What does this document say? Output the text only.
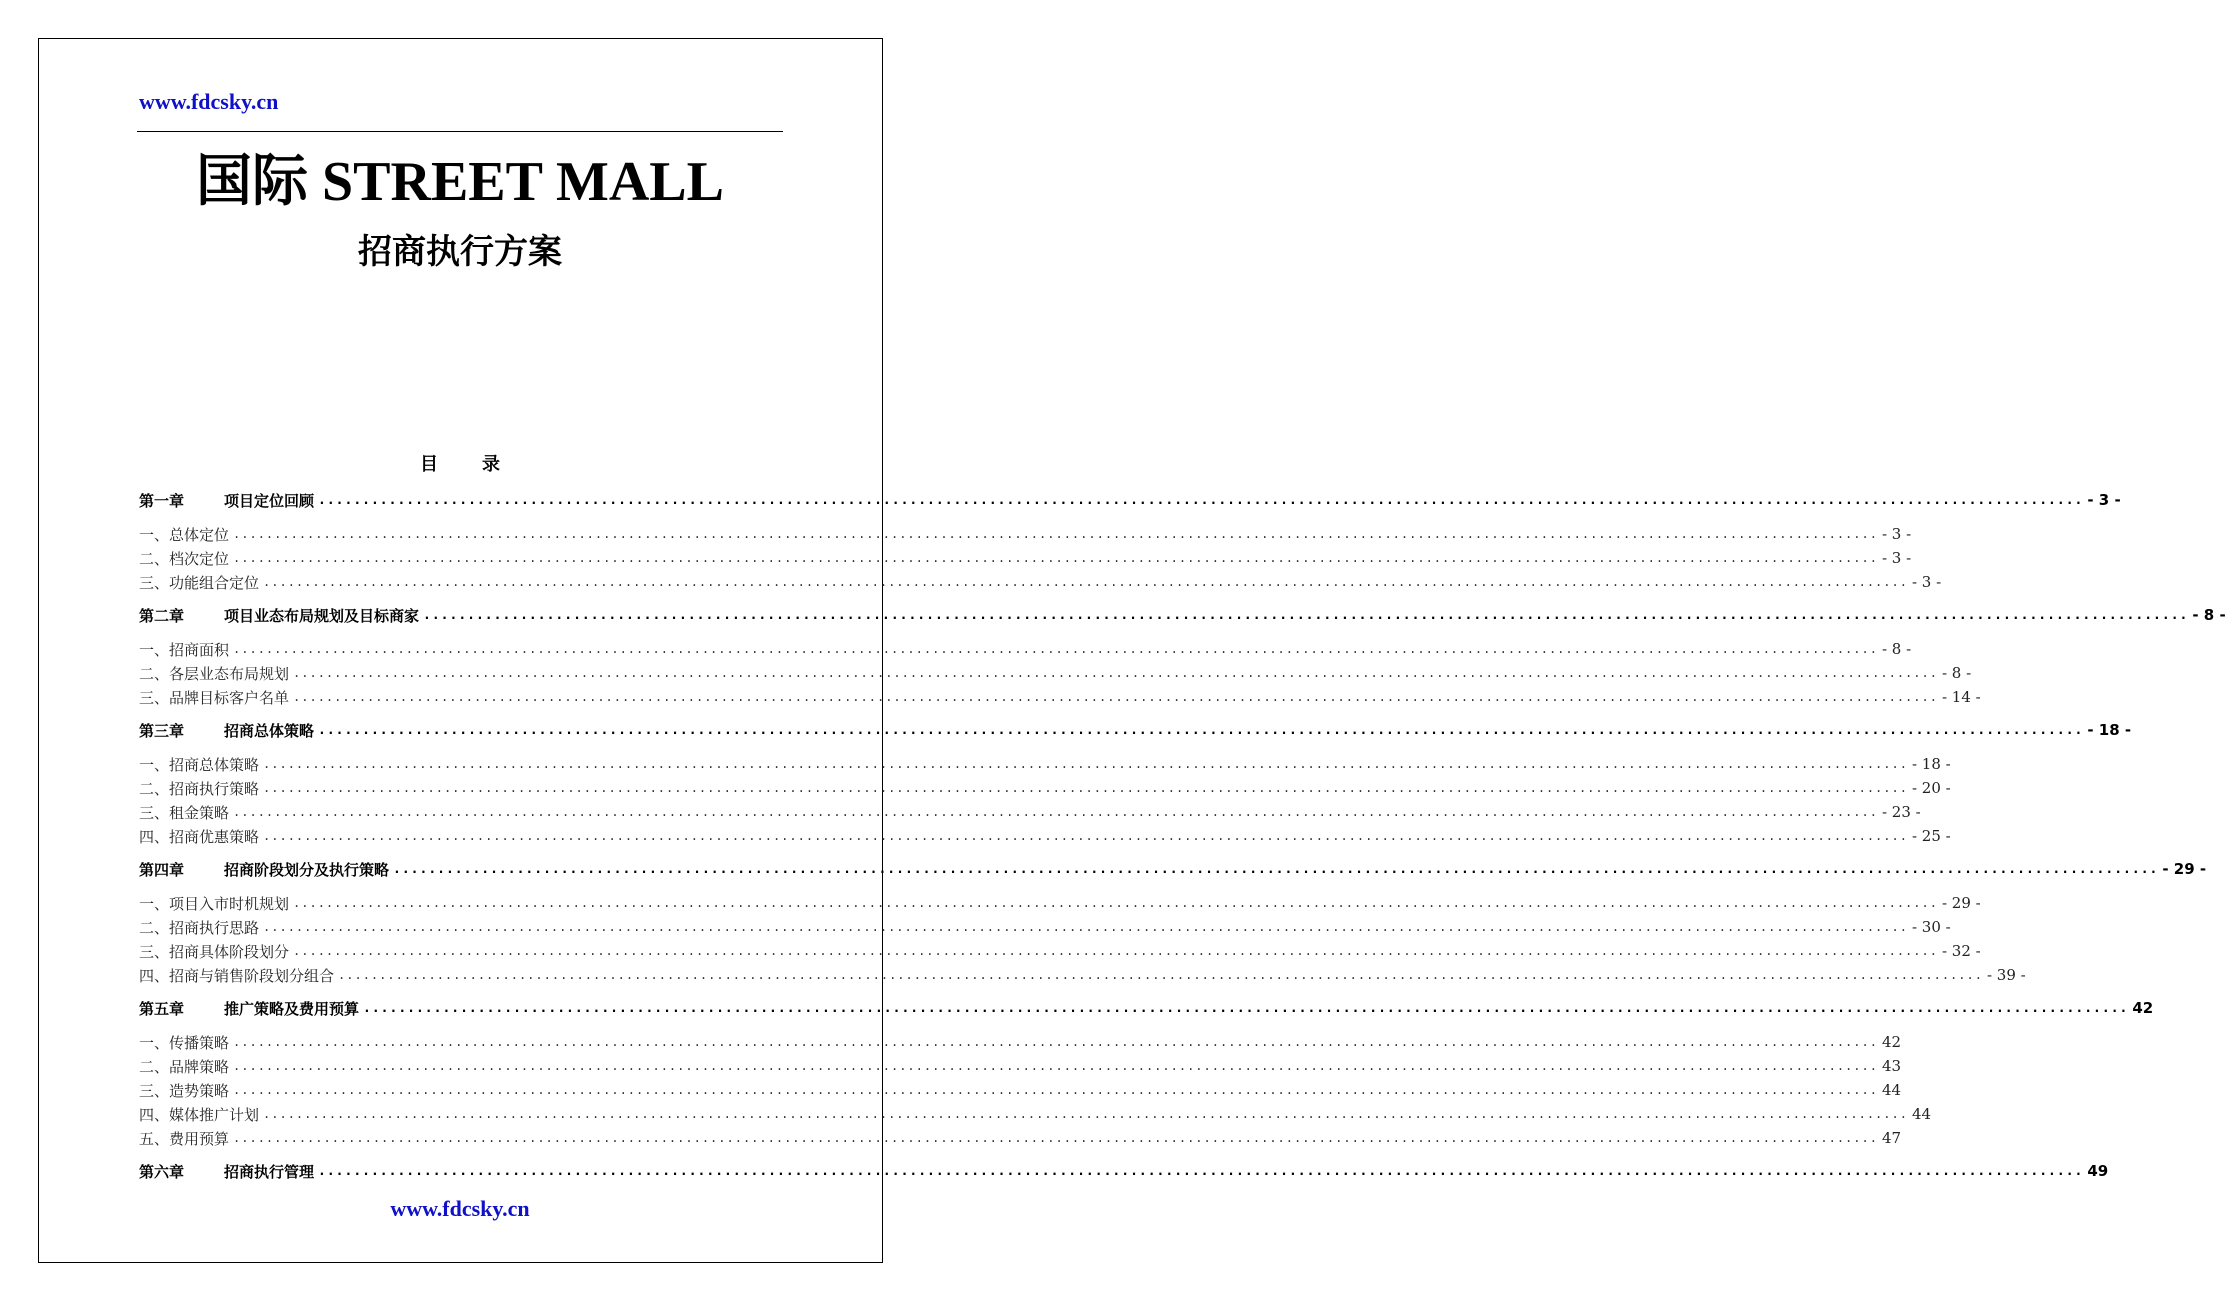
www.fdcsky.cn
国际 STREET MALL
招商执行方案
目 录
第一章	项目定位回顾 ........................................................................................................................................................................................................ - 3 -
一、总体定位 ........................................................................................................................................................................................................ - 3 -
二、档次定位 ........................................................................................................................................................................................................ - 3 -
三、功能组合定位 ........................................................................................................................................................................................................ - 3 -
第二章	项目业态布局规划及目标商家 ........................................................................................................................................................................................................ - 8 -
一、招商面积 ........................................................................................................................................................................................................ - 8 -
二、各层业态布局规划 ........................................................................................................................................................................................................ - 8 -
三、品牌目标客户名单 ........................................................................................................................................................................................................ - 14 -
第三章	招商总体策略 ........................................................................................................................................................................................................ - 18 -
一、招商总体策略 ........................................................................................................................................................................................................ - 18 -
二、招商执行策略 ........................................................................................................................................................................................................ - 20 -
三、租金策略 ........................................................................................................................................................................................................ - 23 -
四、招商优惠策略 ........................................................................................................................................................................................................ - 25 -
第四章	招商阶段划分及执行策略 ........................................................................................................................................................................................................ - 29 -
一、项目入市时机规划 ........................................................................................................................................................................................................ - 29 -
二、招商执行思路 ........................................................................................................................................................................................................ - 30 -
三、招商具体阶段划分 ........................................................................................................................................................................................................ - 32 -
四、招商与销售阶段划分组合 ........................................................................................................................................................................................................ - 39 -
第五章	推广策略及费用预算 ........................................................................................................................................................................................................ 42
一、传播策略 ........................................................................................................................................................................................................ 42
二、品牌策略 ........................................................................................................................................................................................................ 43
三、造势策略 ........................................................................................................................................................................................................ 44
四、媒体推广计划 ........................................................................................................................................................................................................ 44
五、费用预算 ........................................................................................................................................................................................................ 47
第六章	招商执行管理 ........................................................................................................................................................................................................ 49
www.fdcsky.cn
